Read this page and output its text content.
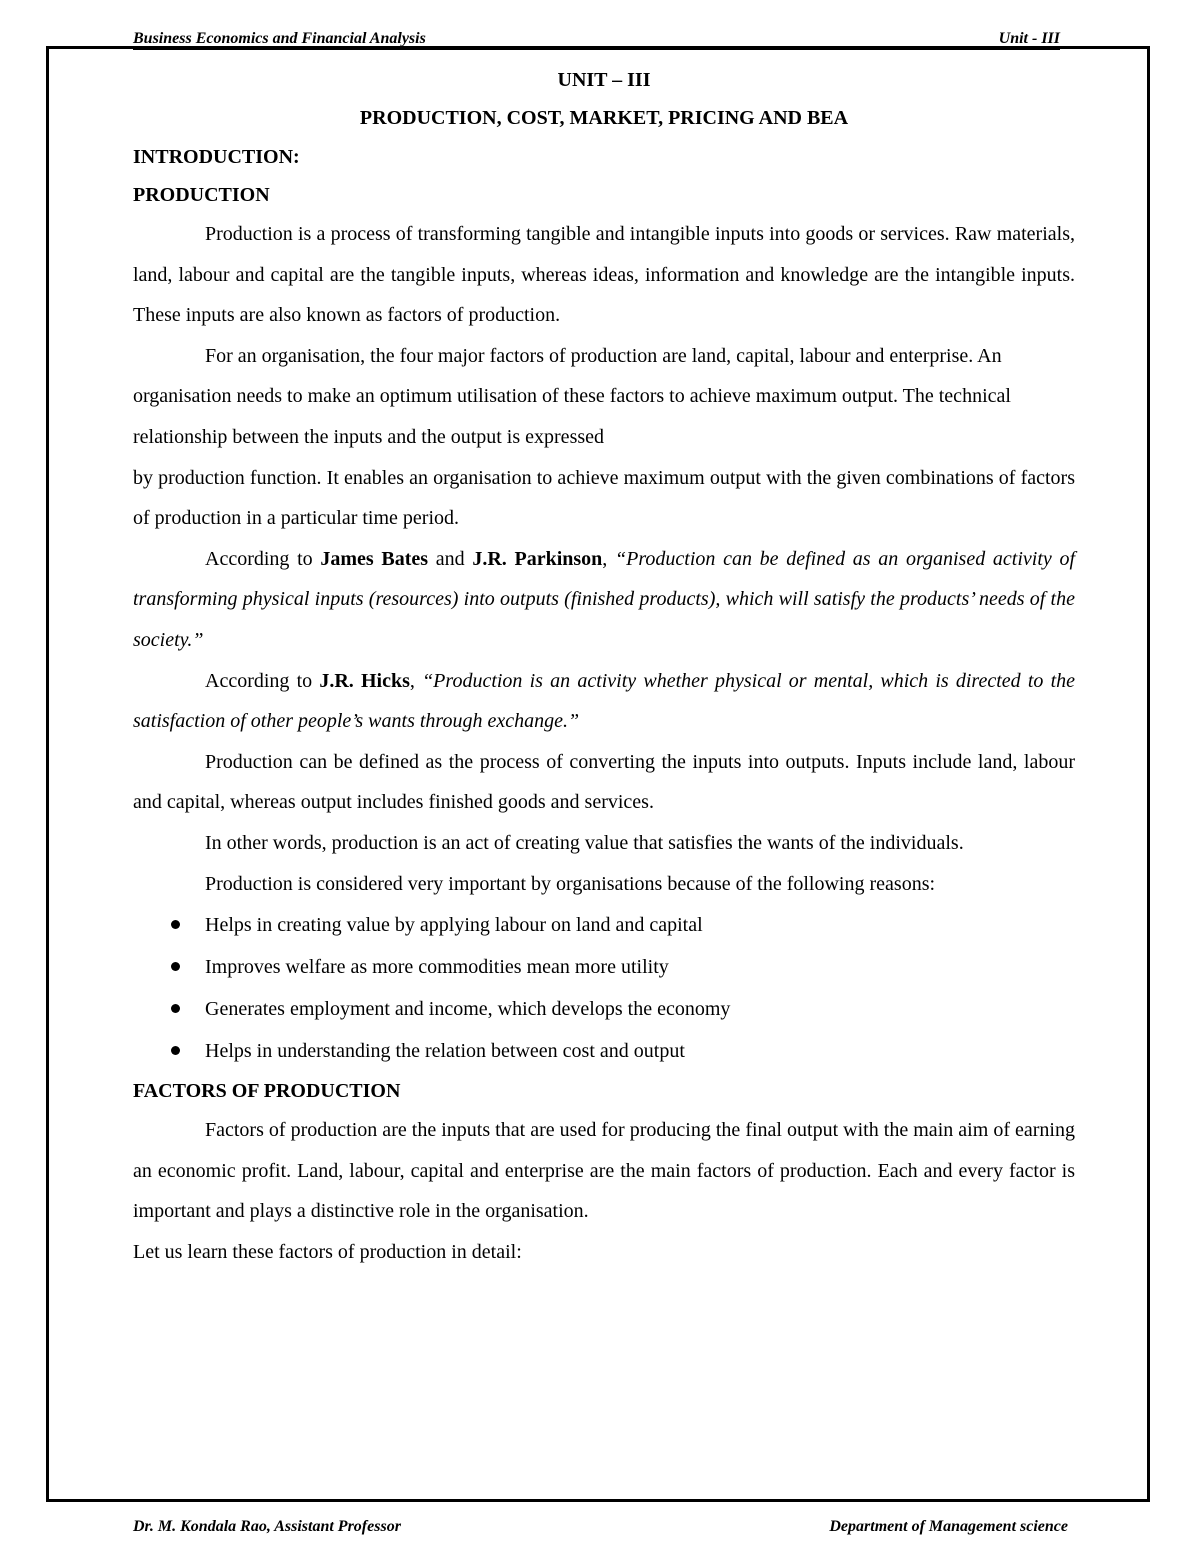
Business Economics and Financial Analysis	Unit - III
UNIT – III
PRODUCTION, COST, MARKET, PRICING AND BEA
INTRODUCTION:
PRODUCTION

Production is a process of transforming tangible and intangible inputs into goods or services. Raw materials, land, labour and capital are the tangible inputs, whereas ideas, information and knowledge are the intangible inputs. These inputs are also known as factors of production.

For an organisation, the four major factors of production are land, capital, labour and enterprise. An organisation needs to make an optimum utilisation of these factors to achieve maximum output. The technical relationship between the inputs and the output is expressed

by production function. It enables an organisation to achieve maximum output with the given combinations of factors of production in a particular time period.

According to James Bates and J.R. Parkinson, “Production can be defined as an organised activity of transforming physical inputs (resources) into outputs (finished products), which will satisfy the products’ needs of the society.”

According to J.R. Hicks, “Production is an activity whether physical or mental, which is directed to the satisfaction of other people’s wants through exchange.”

Production can be defined as the process of converting the inputs into outputs. Inputs include land, labour and capital, whereas output includes finished goods and services.

In other words, production is an act of creating value that satisfies the wants of the individuals.

Production is considered very important by organisations because of the following reasons:

Helps in creating value by applying labour on land and capital
Improves welfare as more commodities mean more utility
Generates employment and income, which develops the economy
Helps in understanding the relation between cost and output
FACTORS OF PRODUCTION

Factors of production are the inputs that are used for producing the final output with the main aim of earning an economic profit. Land, labour, capital and enterprise are the main factors of production. Each and every factor is important and plays a distinctive role in the organisation.

Let us learn these factors of production in detail:

Dr. M. Kondala Rao, Assistant Professor	Department of Management science
